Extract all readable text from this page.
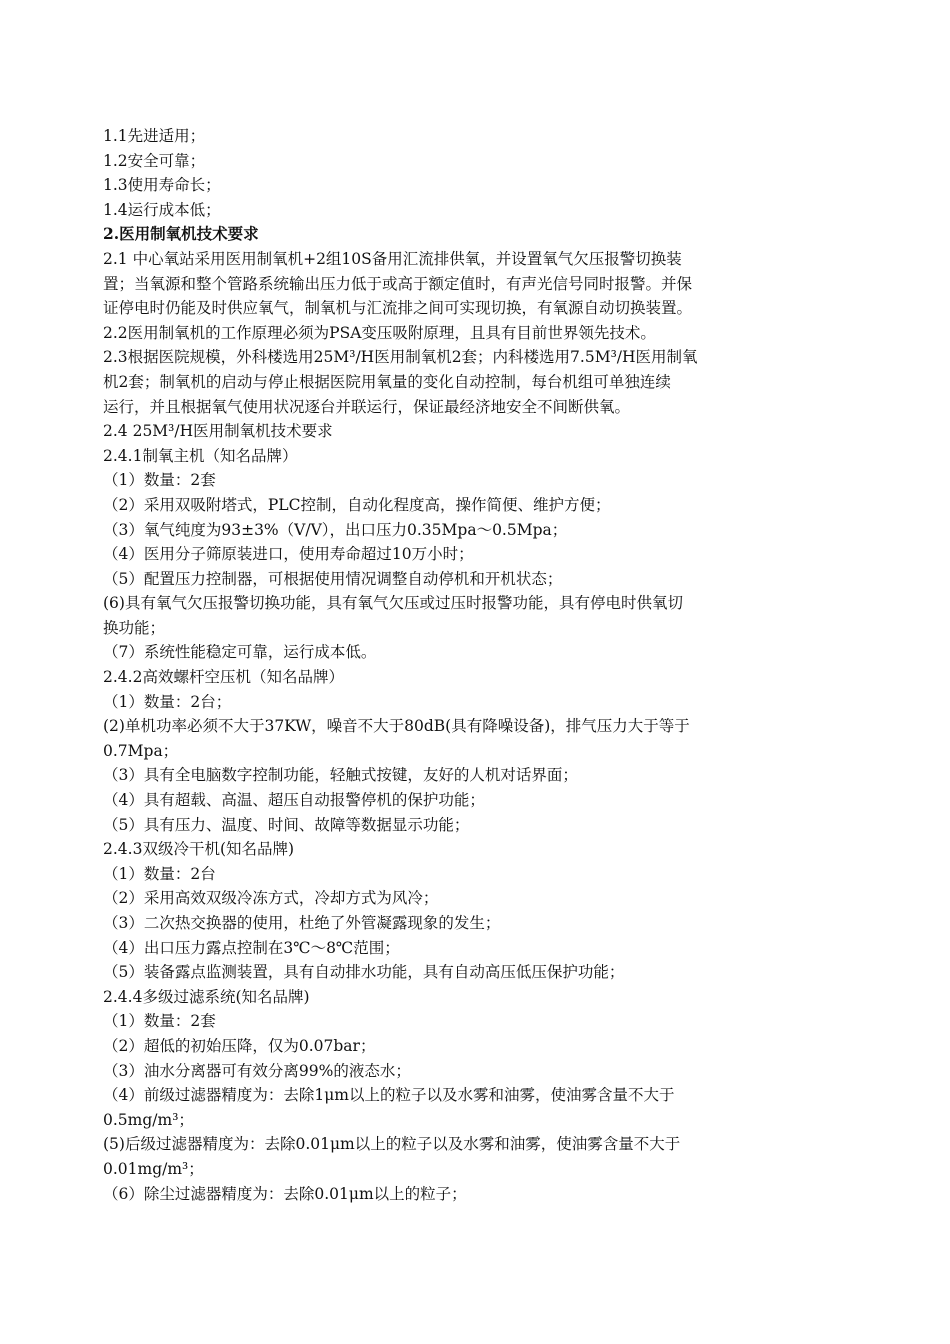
1.1先进适用；
1.2安全可靠；
1.3使用寿命长；
1.4运行成本低；
2.医用制氧机技术要求
2.1 中心氧站采用医用制氧机+2组10S备用汇流排供氧，并设置氧气欠压报警切换装
置；当氧源和整个管路系统输出压力低于或高于额定值时，有声光信号同时报警。并保
证停电时仍能及时供应氧气，制氧机与汇流排之间可实现切换，有氧源自动切换装置。
2.2医用制氧机的工作原理必须为PSA变压吸附原理，且具有目前世界领先技术。
2.3根据医院规模，外科楼选用25M³/H医用制氧机2套；内科楼选用7.5M³/H医用制氧
机2套；制氧机的启动与停止根据医院用氧量的变化自动控制，每台机组可单独连续
运行，并且根据氧气使用状况逐台并联运行，保证最经济地安全不间断供氧。
2.4 25M³/H医用制氧机技术要求
2.4.1制氧主机（知名品牌）
（1）数量：2套
（2）采用双吸附塔式，PLC控制，自动化程度高，操作简便、维护方便；
（3）氧气纯度为93±3%（V/V），出口压力0.35Mpa～0.5Mpa；
（4）医用分子筛原装进口，使用寿命超过10万小时；
（5）配置压力控制器，可根据使用情况调整自动停机和开机状态；
(6)具有氧气欠压报警切换功能，具有氧气欠压或过压时报警功能，具有停电时供氧切
换功能；
（7）系统性能稳定可靠，运行成本低。
2.4.2高效螺杆空压机（知名品牌）
（1）数量：2台；
(2)单机功率必须不大于37KW，噪音不大于80dB(具有降噪设备)，排气压力大于等于
0.7Mpa；
（3）具有全电脑数字控制功能，轻触式按键，友好的人机对话界面；
（4）具有超载、高温、超压自动报警停机的保护功能；
（5）具有压力、温度、时间、故障等数据显示功能；
2.4.3双级冷干机(知名品牌)
（1）数量：2台
（2）采用高效双级冷冻方式，冷却方式为风冷；
（3）二次热交换器的使用，杜绝了外管凝露现象的发生；
（4）出口压力露点控制在3℃～8℃范围；
（5）装备露点监测装置，具有自动排水功能，具有自动高压低压保护功能；
2.4.4多级过滤系统(知名品牌)
（1）数量：2套
（2）超低的初始压降，仅为0.07bar；
（3）油水分离器可有效分离99%的液态水；
（4）前级过滤器精度为：去除1μm以上的粒子以及水雾和油雾，使油雾含量不大于
0.5mg/m³；
(5)后级过滤器精度为：去除0.01μm以上的粒子以及水雾和油雾，使油雾含量不大于
0.01mg/m³；
（6）除尘过滤器精度为：去除0.01μm以上的粒子；
